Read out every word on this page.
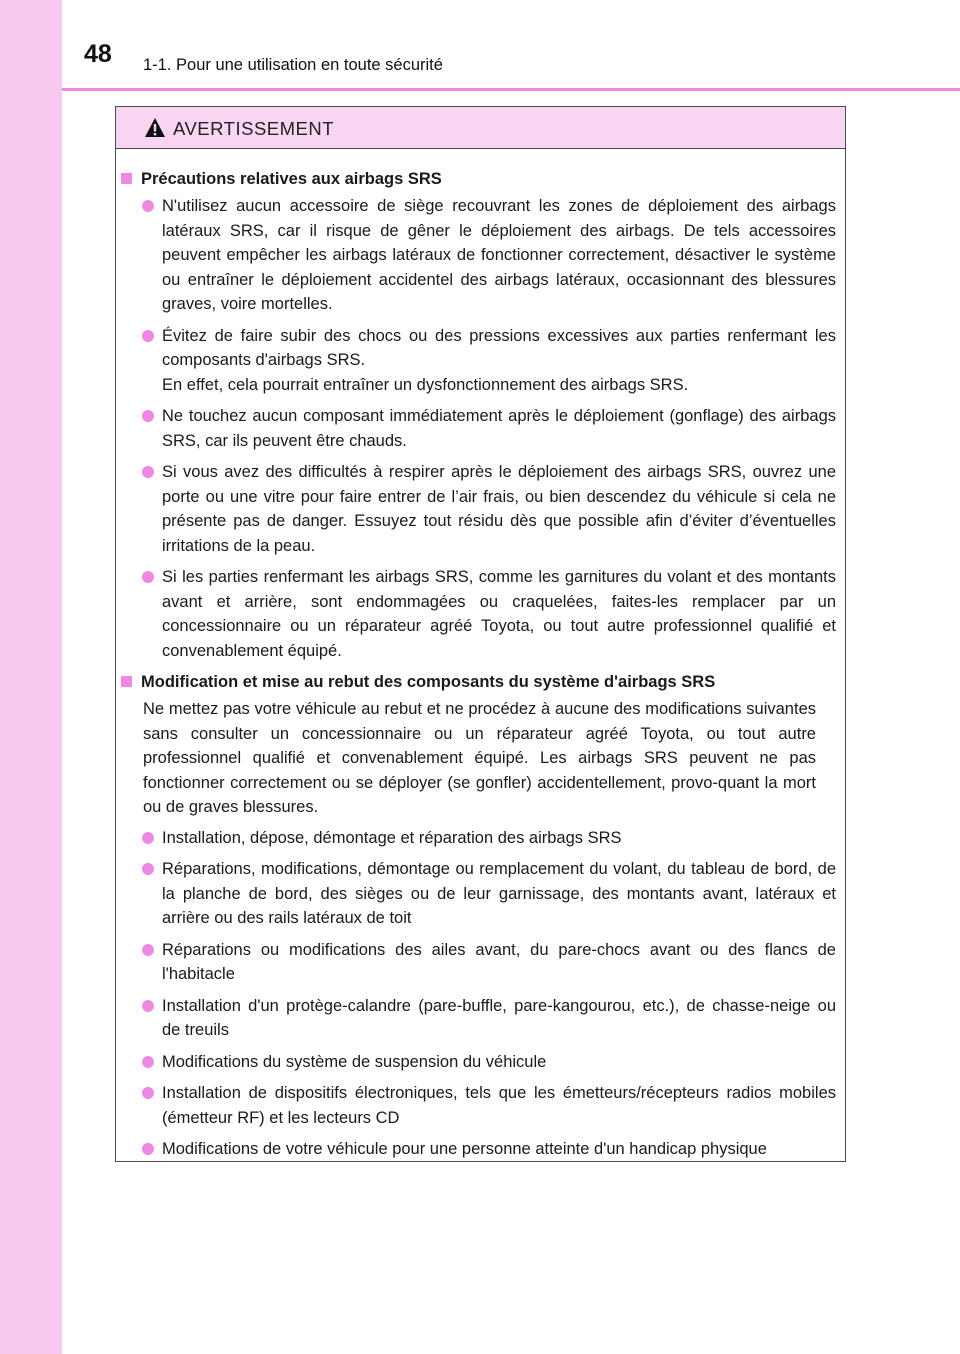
48 1-1. Pour une utilisation en toute sécurité
AVERTISSEMENT
Précautions relatives aux airbags SRS
N'utilisez aucun accessoire de siège recouvrant les zones de déploiement des airbags latéraux SRS, car il risque de gêner le déploiement des airbags. De tels accessoires peuvent empêcher les airbags latéraux de fonctionner correctement, désactiver le système ou entraîner le déploiement accidentel des airbags latéraux, occasionnant des blessures graves, voire mortelles.
Évitez de faire subir des chocs ou des pressions excessives aux parties renfermant les composants d'airbags SRS.
En effet, cela pourrait entraîner un dysfonctionnement des airbags SRS.
Ne touchez aucun composant immédiatement après le déploiement (gonflage) des airbags SRS, car ils peuvent être chauds.
Si vous avez des difficultés à respirer après le déploiement des airbags SRS, ouvrez une porte ou une vitre pour faire entrer de l’air frais, ou bien descendez du véhicule si cela ne présente pas de danger. Essuyez tout résidu dès que possible afin d’éviter d’éventuelles irritations de la peau.
Si les parties renfermant les airbags SRS, comme les garnitures du volant et des montants avant et arrière, sont endommagées ou craquelées, faites-les remplacer par un concessionnaire ou un réparateur agréé Toyota, ou tout autre professionnel qualifié et convenablement équipé.
Modification et mise au rebut des composants du système d'airbags SRS
Ne mettez pas votre véhicule au rebut et ne procédez à aucune des modifications suivantes sans consulter un concessionnaire ou un réparateur agréé Toyota, ou tout autre professionnel qualifié et convenablement équipé. Les airbags SRS peuvent ne pas fonctionner correctement ou se déployer (se gonfler) accidentellement, provo-quant la mort ou de graves blessures.
Installation, dépose, démontage et réparation des airbags SRS
Réparations, modifications, démontage ou remplacement du volant, du tableau de bord, de la planche de bord, des sièges ou de leur garnissage, des montants avant, latéraux et arrière ou des rails latéraux de toit
Réparations ou modifications des ailes avant, du pare-chocs avant ou des flancs de l'habitacle
Installation d'un protège-calandre (pare-buffle, pare-kangourou, etc.), de chasse-neige ou de treuils
Modifications du système de suspension du véhicule
Installation de dispositifs électroniques, tels que les émetteurs/récepteurs radios mobiles (émetteur RF) et les lecteurs CD
Modifications de votre véhicule pour une personne atteinte d'un handicap physique
